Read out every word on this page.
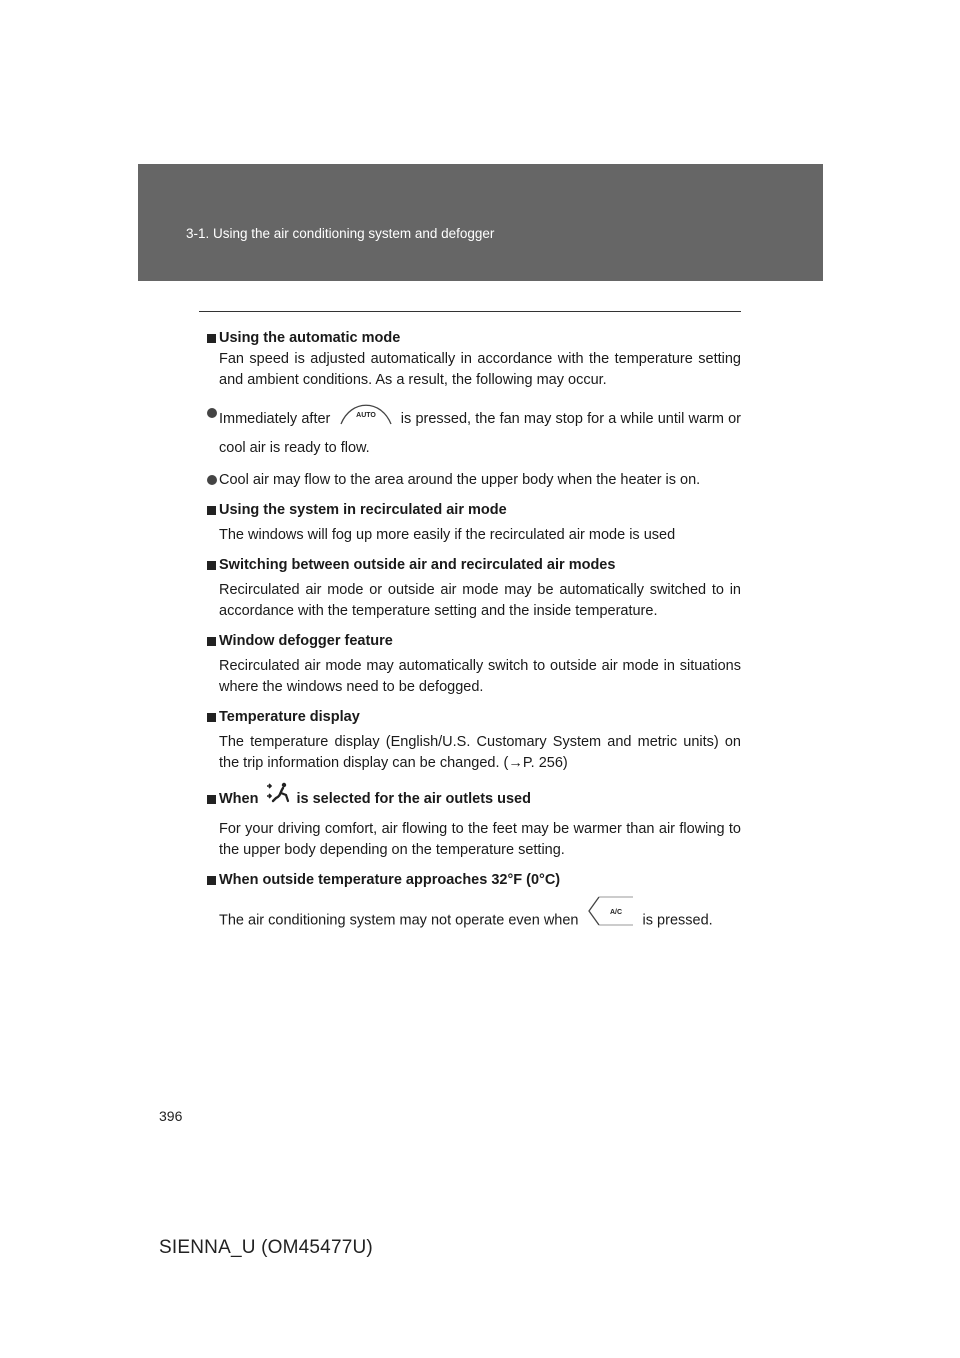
3-1. Using the air conditioning system and defogger
Using the automatic mode

Fan speed is adjusted automatically in accordance with the temperature setting and ambient conditions. As a result, the following may occur.

Immediately after	AUTO is pressed, the fan may stop for a while until warm or cool air is ready to flow.
Cool air may flow to the area around the upper body when the heater is on.
Using the system in recirculated air mode

The windows will fog up more easily if the recirculated air mode is used

Switching between outside air and recirculated air modes

Recirculated air mode or outside air mode may be automatically switched to in accordance with the temperature setting and the inside temperature.

Window defogger feature

Recirculated air mode may automatically switch to outside air mode in situations where the windows need to be defogged.

Temperature display

The temperature display (English/U.S. Customary System and metric units) on the trip information display can be changed. (→P. 256)

When	is selected for the air outlets used

For your driving comfort, air flowing to the feet may be warmer than air flowing to the upper body depending on the temperature setting.

When outside temperature approaches 32°F (0°C)

The air conditioning system may not operate even when	A/C is pressed.

396
SIENNA_U (OM45477U)
